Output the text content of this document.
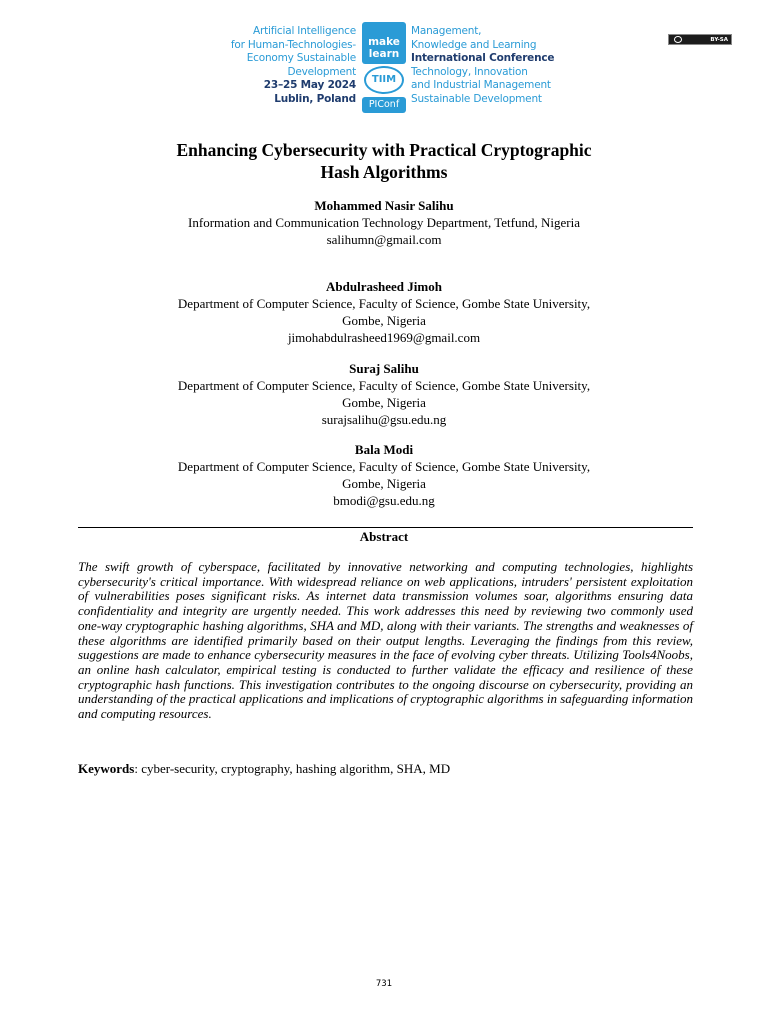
Artificial Intelligence
for Human-Technologies-
Economy Sustainable
Development
23–25 May 2024
Lublin, Poland
make
learn
TIIM
PIConf
Management,
Knowledge and Learning
International Conference
Technology, Innovation
and Industrial Management
Sustainable Development
BY-SA
Enhancing Cybersecurity with Practical Cryptographic
Hash Algorithms
Mohammed Nasir Salihu
Information and Communication Technology Department, Tetfund, Nigeria
salihumn@gmail.com
Abdulrasheed Jimoh
Department of Computer Science, Faculty of Science, Gombe State University,
Gombe, Nigeria
jimohabdulrasheed1969@gmail.com
Suraj Salihu
Department of Computer Science, Faculty of Science, Gombe State University,
Gombe, Nigeria
surajsalihu@gsu.edu.ng
Bala Modi
Department of Computer Science, Faculty of Science, Gombe State University,
Gombe, Nigeria
bmodi@gsu.edu.ng
Abstract
The swift growth of cyberspace, facilitated by innovative networking and computing technologies, highlights cybersecurity's critical importance. With widespread reliance on web applications, intruders' persistent exploitation of vulnerabilities poses significant risks. As internet data transmission volumes soar, algorithms ensuring data confidentiality and integrity are urgently needed. This work addresses this need by reviewing two commonly used one-way cryptographic hashing algorithms, SHA and MD, along with their variants. The strengths and weaknesses of these algorithms are identified primarily based on their output lengths. Leveraging the findings from this review, suggestions are made to enhance cybersecurity measures in the face of evolving cyber threats. Utilizing Tools4Noobs, an online hash calculator, empirical testing is conducted to further validate the efficacy and resilience of these cryptographic hash functions. This investigation contributes to the ongoing discourse on cybersecurity, providing an understanding of the practical applications and implications of cryptographic algorithms in safeguarding information and computing resources.
Keywords: cyber-security, cryptography, hashing algorithm, SHA, MD
731
